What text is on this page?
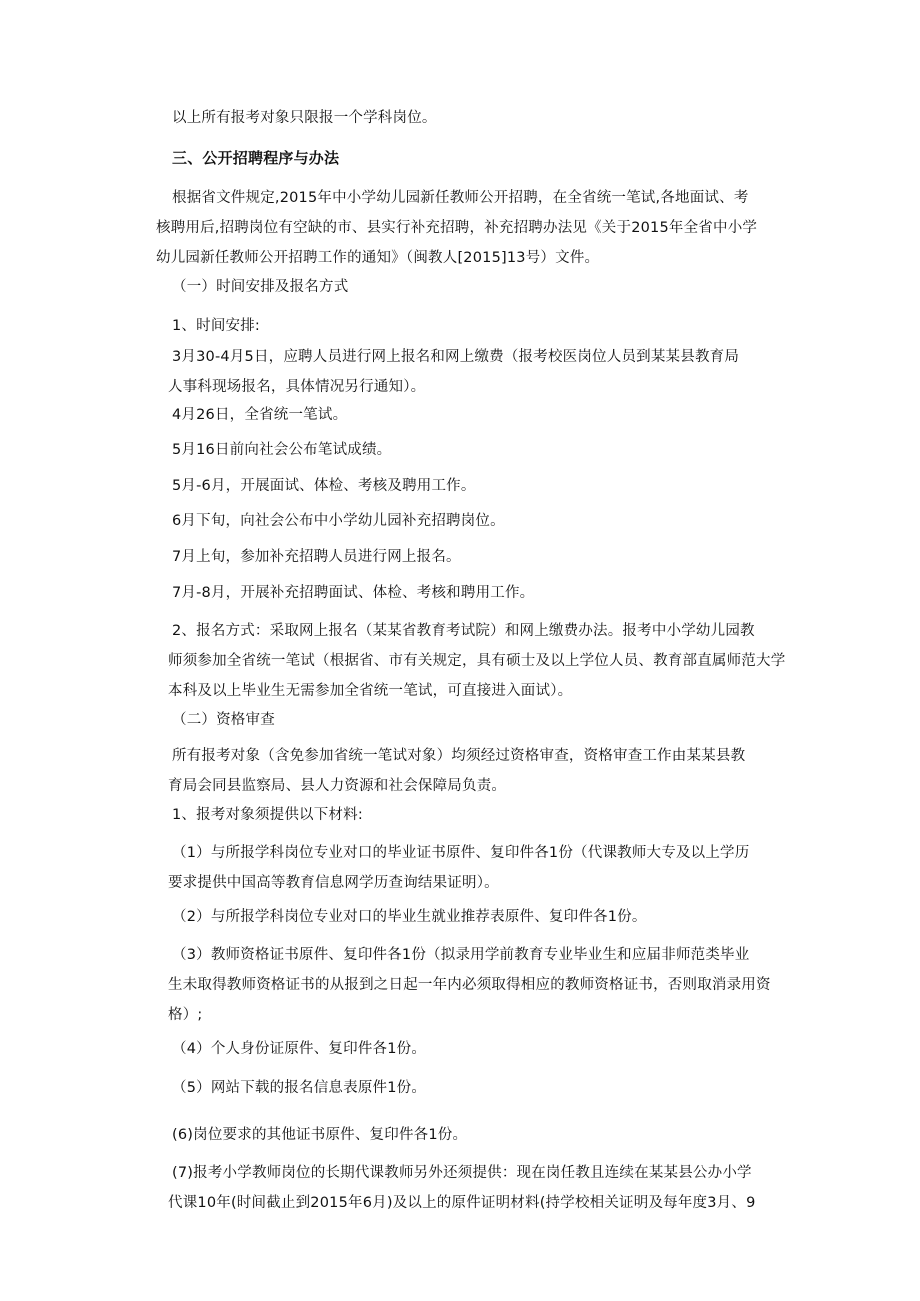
以上所有报考对象只限报一个学科岗位。

三、公开招聘程序与办法

根据省文件规定,2015年中小学幼儿园新任教师公开招聘，在全省统一笔试,各地面试、考
核聘用后,招聘岗位有空缺的市、县实行补充招聘，补充招聘办法见《关于2015年全省中小学
幼儿园新任教师公开招聘工作的通知》（闽教人[2015]13号）文件。

（一）时间安排及报名方式

1、时间安排:

3月30-4月5日，应聘人员进行网上报名和网上缴费（报考校医岗位人员到某某县教育局
人事科现场报名，具体情况另行通知）。

4月26日，全省统一笔试。

5月16日前向社会公布笔试成绩。

5月-6月，开展面试、体检、考核及聘用工作。

6月下旬，向社会公布中小学幼儿园补充招聘岗位。

7月上旬，参加补充招聘人员进行网上报名。

7月-8月，开展补充招聘面试、体检、考核和聘用工作。

2、报名方式：采取网上报名（某某省教育考试院）和网上缴费办法。报考中小学幼儿园教
师须参加全省统一笔试（根据省、市有关规定，具有硕士及以上学位人员、教育部直属师范大学
本科及以上毕业生无需参加全省统一笔试，可直接进入面试）。

（二）资格审查

所有报考对象（含免参加省统一笔试对象）均须经过资格审查，资格审查工作由某某县教
育局会同县监察局、县人力资源和社会保障局负责。

1、报考对象须提供以下材料:

（1）与所报学科岗位专业对口的毕业证书原件、复印件各1份（代课教师大专及以上学历
要求提供中国高等教育信息网学历查询结果证明）。

（2）与所报学科岗位专业对口的毕业生就业推荐表原件、复印件各1份。

（3）教师资格证书原件、复印件各1份（拟录用学前教育专业毕业生和应届非师范类毕业
生未取得教师资格证书的从报到之日起一年内必须取得相应的教师资格证书，否则取消录用资
格）;

（4）个人身份证原件、复印件各1份。

（5）网站下载的报名信息表原件1份。

(6)岗位要求的其他证书原件、复印件各1份。

(7)报考小学教师岗位的长期代课教师另外还须提供：现在岗任教且连续在某某县公办小学
代课10年(时间截止到2015年6月)及以上的原件证明材料(持学校相关证明及每年度3月、9
